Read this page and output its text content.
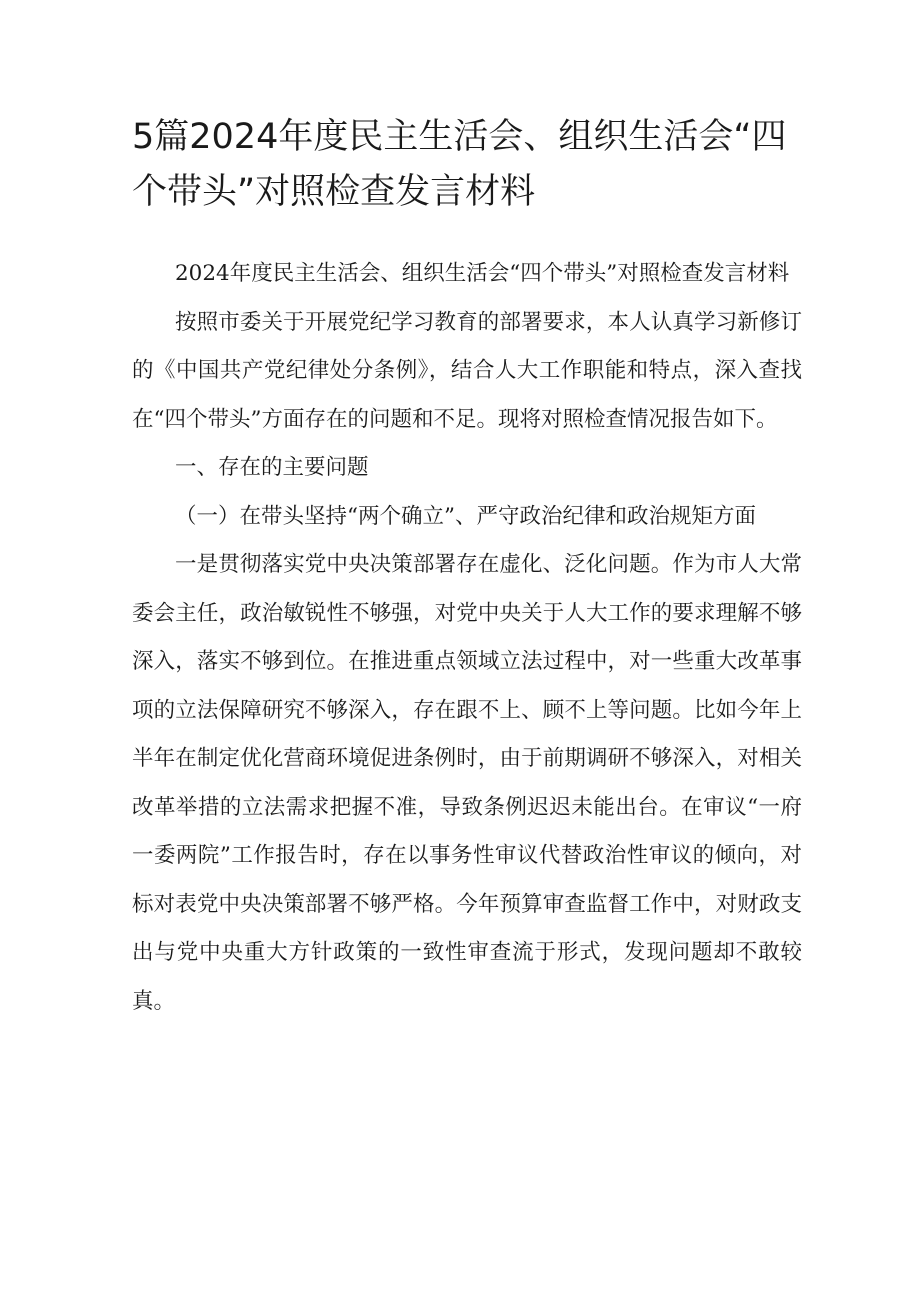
5篇2024年度民主生活会、组织生活会“四个带头”对照检查发言材料

2024年度民主生活会、组织生活会“四个带头”对照检查发言材料

按照市委关于开展党纪学习教育的部署要求，本人认真学习新修订的《中国共产党纪律处分条例》，结合人大工作职能和特点，深入查找在“四个带头”方面存在的问题和不足。现将对照检查情况报告如下。

一、存在的主要问题

（一）在带头坚持“两个确立”、严守政治纪律和政治规矩方面

一是贯彻落实党中央决策部署存在虚化、泛化问题。作为市人大常委会主任，政治敏锐性不够强，对党中央关于人大工作的要求理解不够深入，落实不够到位。在推进重点领域立法过程中，对一些重大改革事项的立法保障研究不够深入，存在跟不上、顾不上等问题。比如今年上半年在制定优化营商环境促进条例时，由于前期调研不够深入，对相关改革举措的立法需求把握不准，导致条例迟迟未能出台。在审议“一府一委两院”工作报告时，存在以事务性审议代替政治性审议的倾向，对标对表党中央决策部署不够严格。今年预算审查监督工作中，对财政支出与党中央重大方针政策的一致性审查流于形式，发现问题却不敢较真。
